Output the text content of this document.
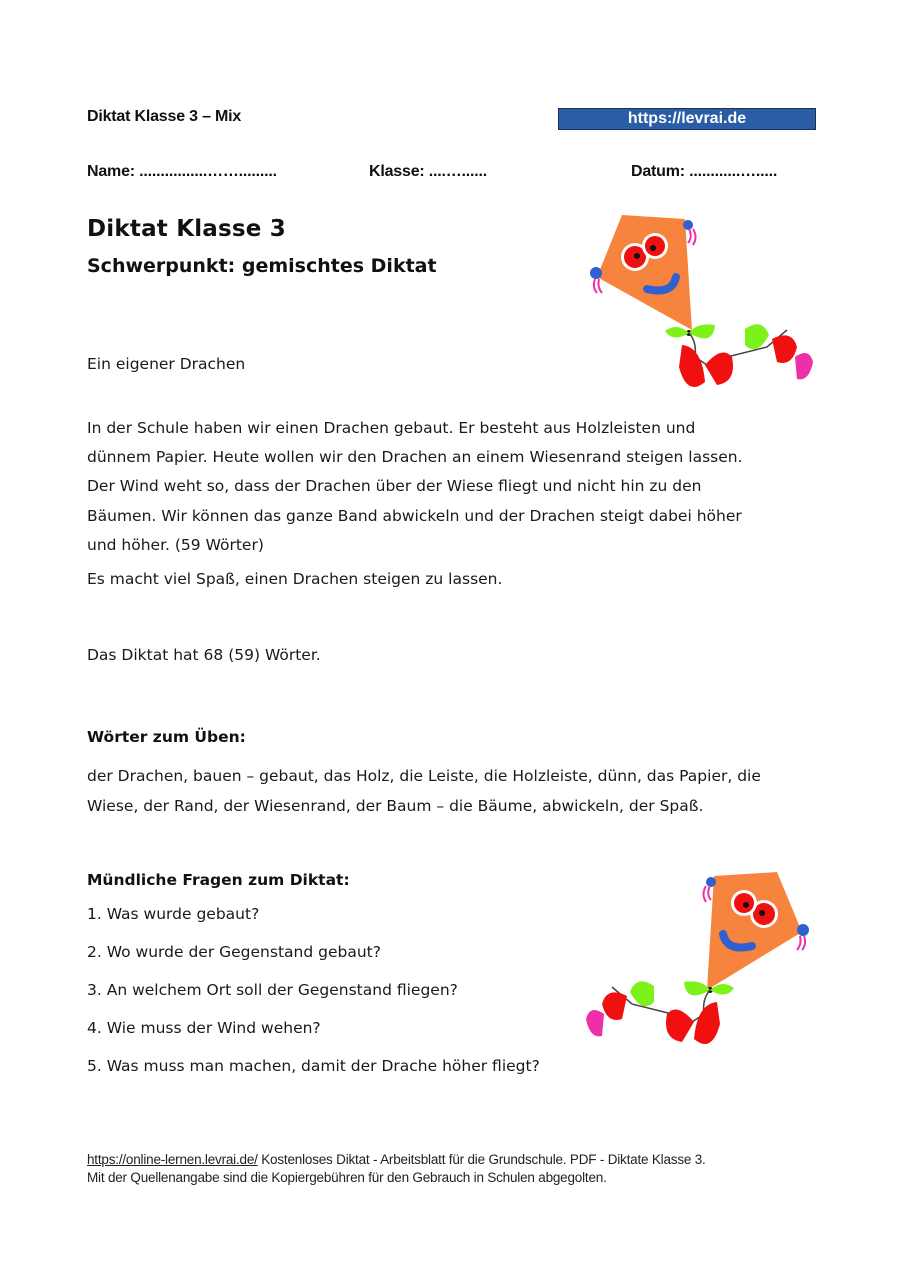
Diktat Klasse 3 – Mix	https://levrai.de
Name: ................…….........	Klasse: ....…......	Datum: ............….....
Diktat Klasse 3
Schwerpunkt: gemischtes Diktat
Ein eigener Drachen
In der Schule haben wir einen Drachen gebaut. Er besteht aus Holzleisten und
dünnem Papier. Heute wollen wir den Drachen an einem Wiesenrand steigen lassen.
Der Wind weht so, dass der Drachen über der Wiese fliegt und nicht hin zu den
Bäumen. Wir können das ganze Band abwickeln und der Drachen steigt dabei höher
und höher. (59 Wörter)
Es macht viel Spaß, einen Drachen steigen zu lassen.
Das Diktat hat 68 (59) Wörter.
Wörter zum Üben:
der Drachen, bauen – gebaut, das Holz, die Leiste, die Holzleiste, dünn, das Papier, die
Wiese, der Rand, der Wiesenrand, der Baum – die Bäume, abwickeln, der Spaß.
Mündliche Fragen zum Diktat:
1. Was wurde gebaut?
2. Wo wurde der Gegenstand gebaut?
3. An welchem Ort soll der Gegenstand fliegen?
4. Wie muss der Wind wehen?
5. Was muss man machen, damit der Drache höher fliegt?
https://online-lernen.levrai.de/ Kostenloses Diktat - Arbeitsblatt für die Grundschule. PDF - Diktate Klasse 3.
Mit der Quellenangabe sind die Kopiergebühren für den Gebrauch in Schulen abgegolten.
